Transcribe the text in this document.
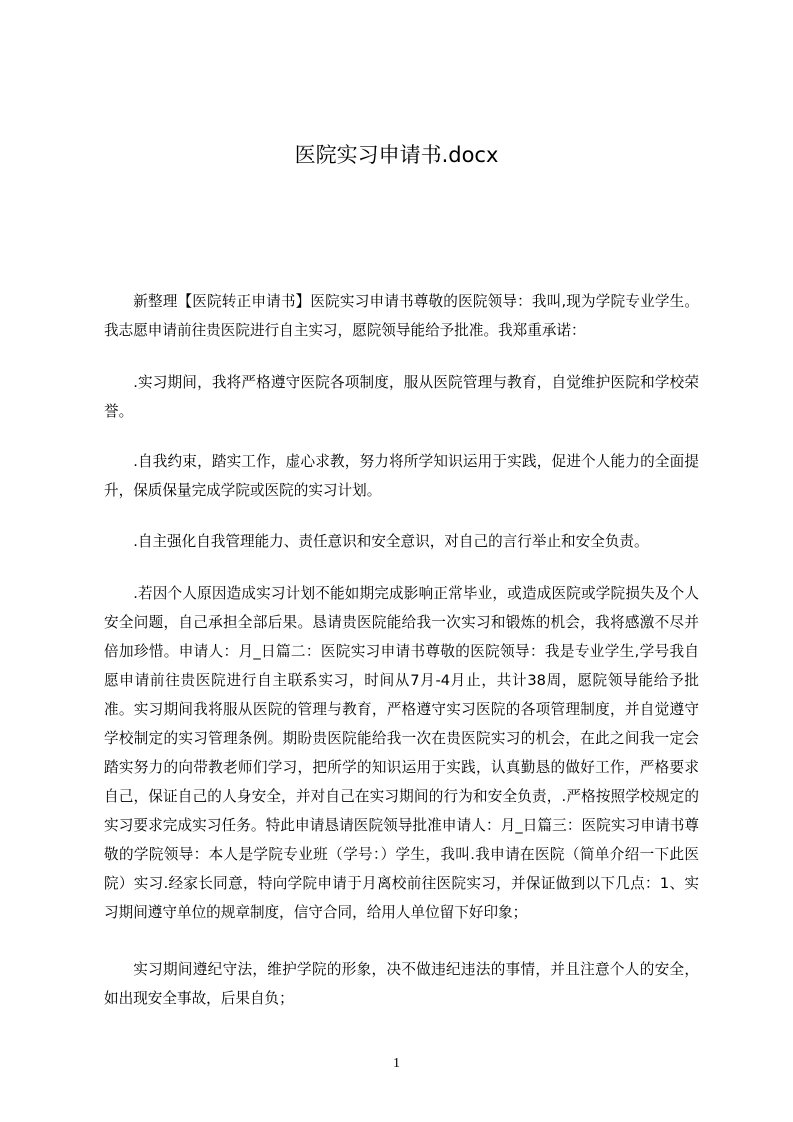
医院实习申请书.docx

新整理【医院转正申请书】医院实习申请书尊敬的医院领导：我叫,现为学院专业学生。我志愿申请前往贵医院进行自主实习，愿院领导能给予批准。我郑重承诺：

.实习期间，我将严格遵守医院各项制度，服从医院管理与教育，自觉维护医院和学校荣誉。

.自我约束，踏实工作，虚心求教，努力将所学知识运用于实践，促进个人能力的全面提升，保质保量完成学院或医院的实习计划。

.自主强化自我管理能力、责任意识和安全意识，对自己的言行举止和安全负责。

.若因个人原因造成实习计划不能如期完成影响正常毕业，或造成医院或学院损失及个人安全问题，自己承担全部后果。恳请贵医院能给我一次实习和锻炼的机会，我将感激不尽并倍加珍惜。申请人：月_日篇二：医院实习申请书尊敬的医院领导：我是专业学生,学号我自愿申请前往贵医院进行自主联系实习，时间从7月-4月止，共计38周，愿院领导能给予批准。实习期间我将服从医院的管理与教育，严格遵守实习医院的各项管理制度，并自觉遵守学校制定的实习管理条例。期盼贵医院能给我一次在贵医院实习的机会，在此之间我一定会踏实努力的向带教老师们学习，把所学的知识运用于实践，认真勤恳的做好工作，严格要求自己，保证自己的人身安全，并对自己在实习期间的行为和安全负责，.严格按照学校规定的实习要求完成实习任务。特此申请恳请医院领导批准申请人：月_日篇三：医院实习申请书尊敬的学院领导：本人是学院专业班（学号：）学生，我叫.我申请在医院（简单介绍一下此医院）实习.经家长同意，特向学院申请于月离校前往医院实习，并保证做到以下几点：1、实习期间遵守单位的规章制度，信守合同，给用人单位留下好印象；

实习期间遵纪守法，维护学院的形象，决不做违纪违法的事情，并且注意个人的安全，如出现安全事故，后果自负；

1
